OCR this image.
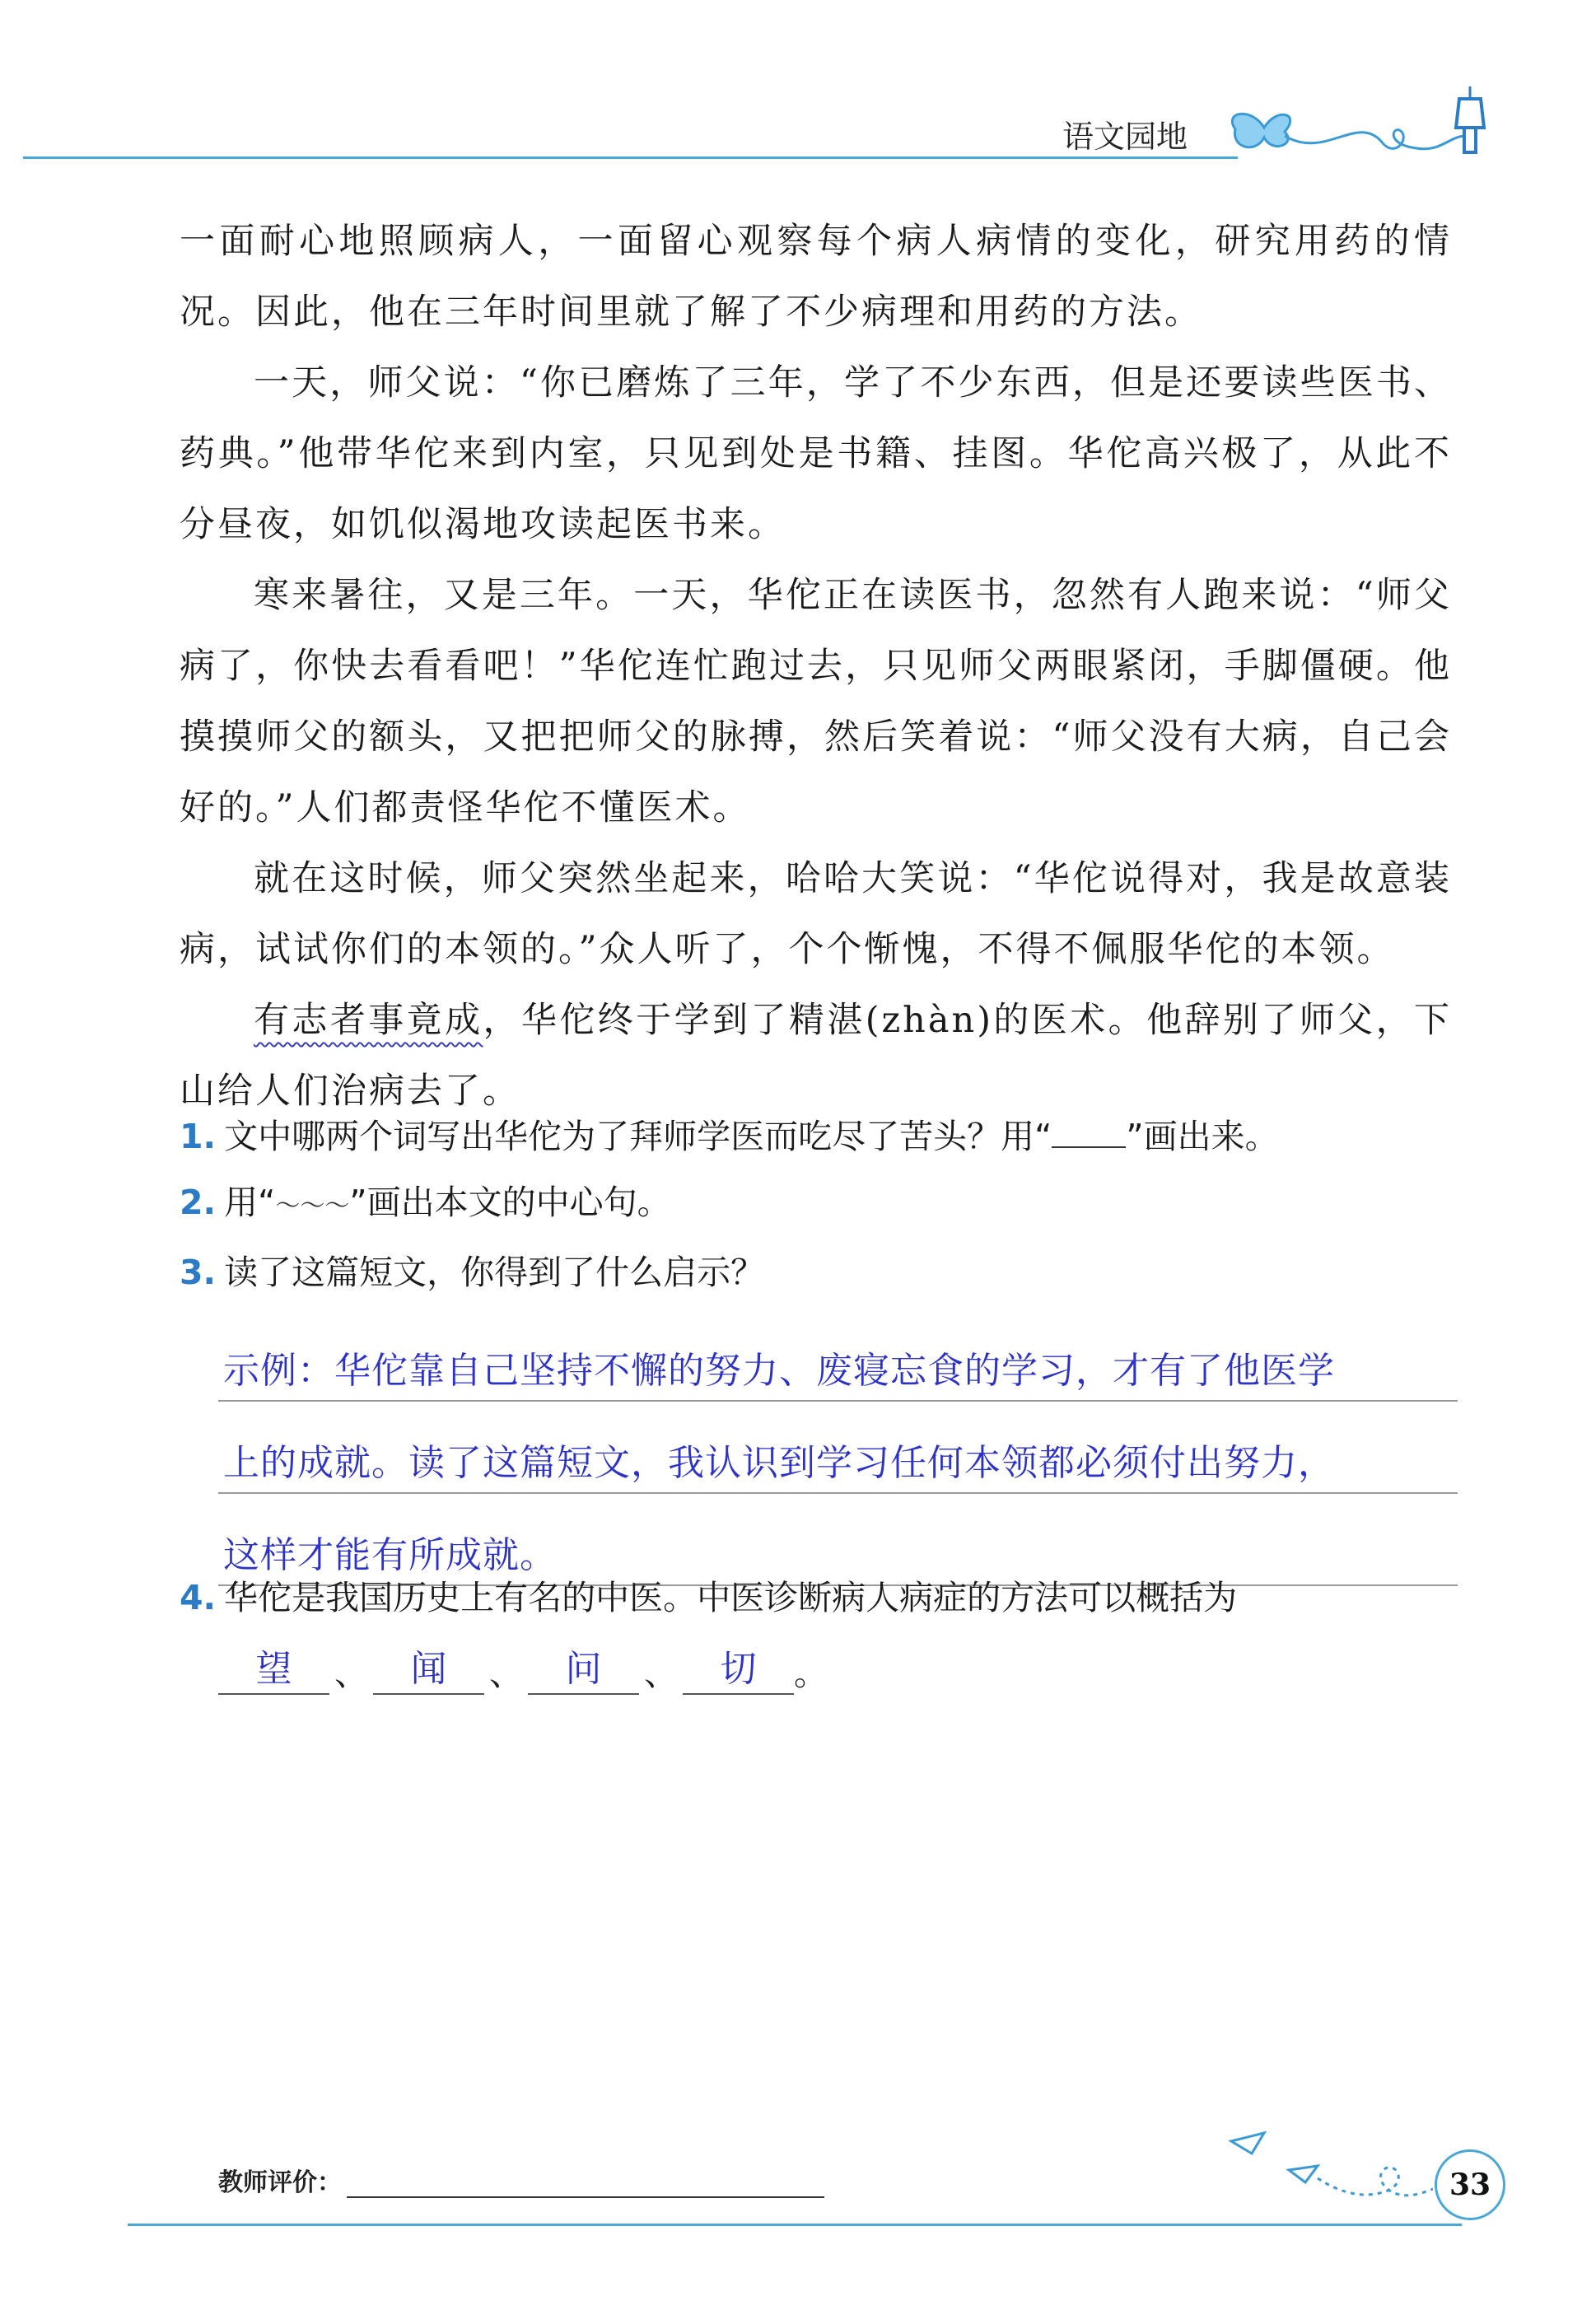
语文园地

一面耐心地照顾病人，一面留心观察每个病人病情的变化，研究用药的情况。因此，他在三年时间里就了解了不少病理和用药的方法。

一天，师父说：“你已磨炼了三年，学了不少东西，但是还要读些医书、药典。”他带华佗来到内室，只见到处是书籍、挂图。华佗高兴极了，从此不分昼夜，如饥似渴地攻读起医书来。

寒来暑往，又是三年。一天，华佗正在读医书，忽然有人跑来说：“师父病了，你快去看看吧！”华佗连忙跑过去，只见师父两眼紧闭，手脚僵硬。他摸摸师父的额头，又把把师父的脉搏，然后笑着说：“师父没有大病，自己会好的。”人们都责怪华佗不懂医术。

就在这时候，师父突然坐起来，哈哈大笑说：“华佗说得对，我是故意装病，试试你们的本领的。”众人听了，个个惭愧，不得不佩服华佗的本领。

有志者事竟成，华佗终于学到了精湛(zhàn)的医术。他辞别了师父，下山给人们治病去了。

1. 文中哪两个词写出华佗为了拜师学医而吃尽了苦头？用“ ”画出来。

2. 用“～～～”画出本文的中心句。

3. 读了这篇短文，你得到了什么启示？

示例：华佗靠自己坚持不懈的努力、废寝忘食的学习，才有了他医学
上的成就。读了这篇短文，我认识到学习任何本领都必须付出努力，
这样才能有所成就。

4. 华佗是我国历史上有名的中医。中医诊断病人病症的方法可以概括为

望	、	闻	、	问	、	切	。
教师评价：	33
